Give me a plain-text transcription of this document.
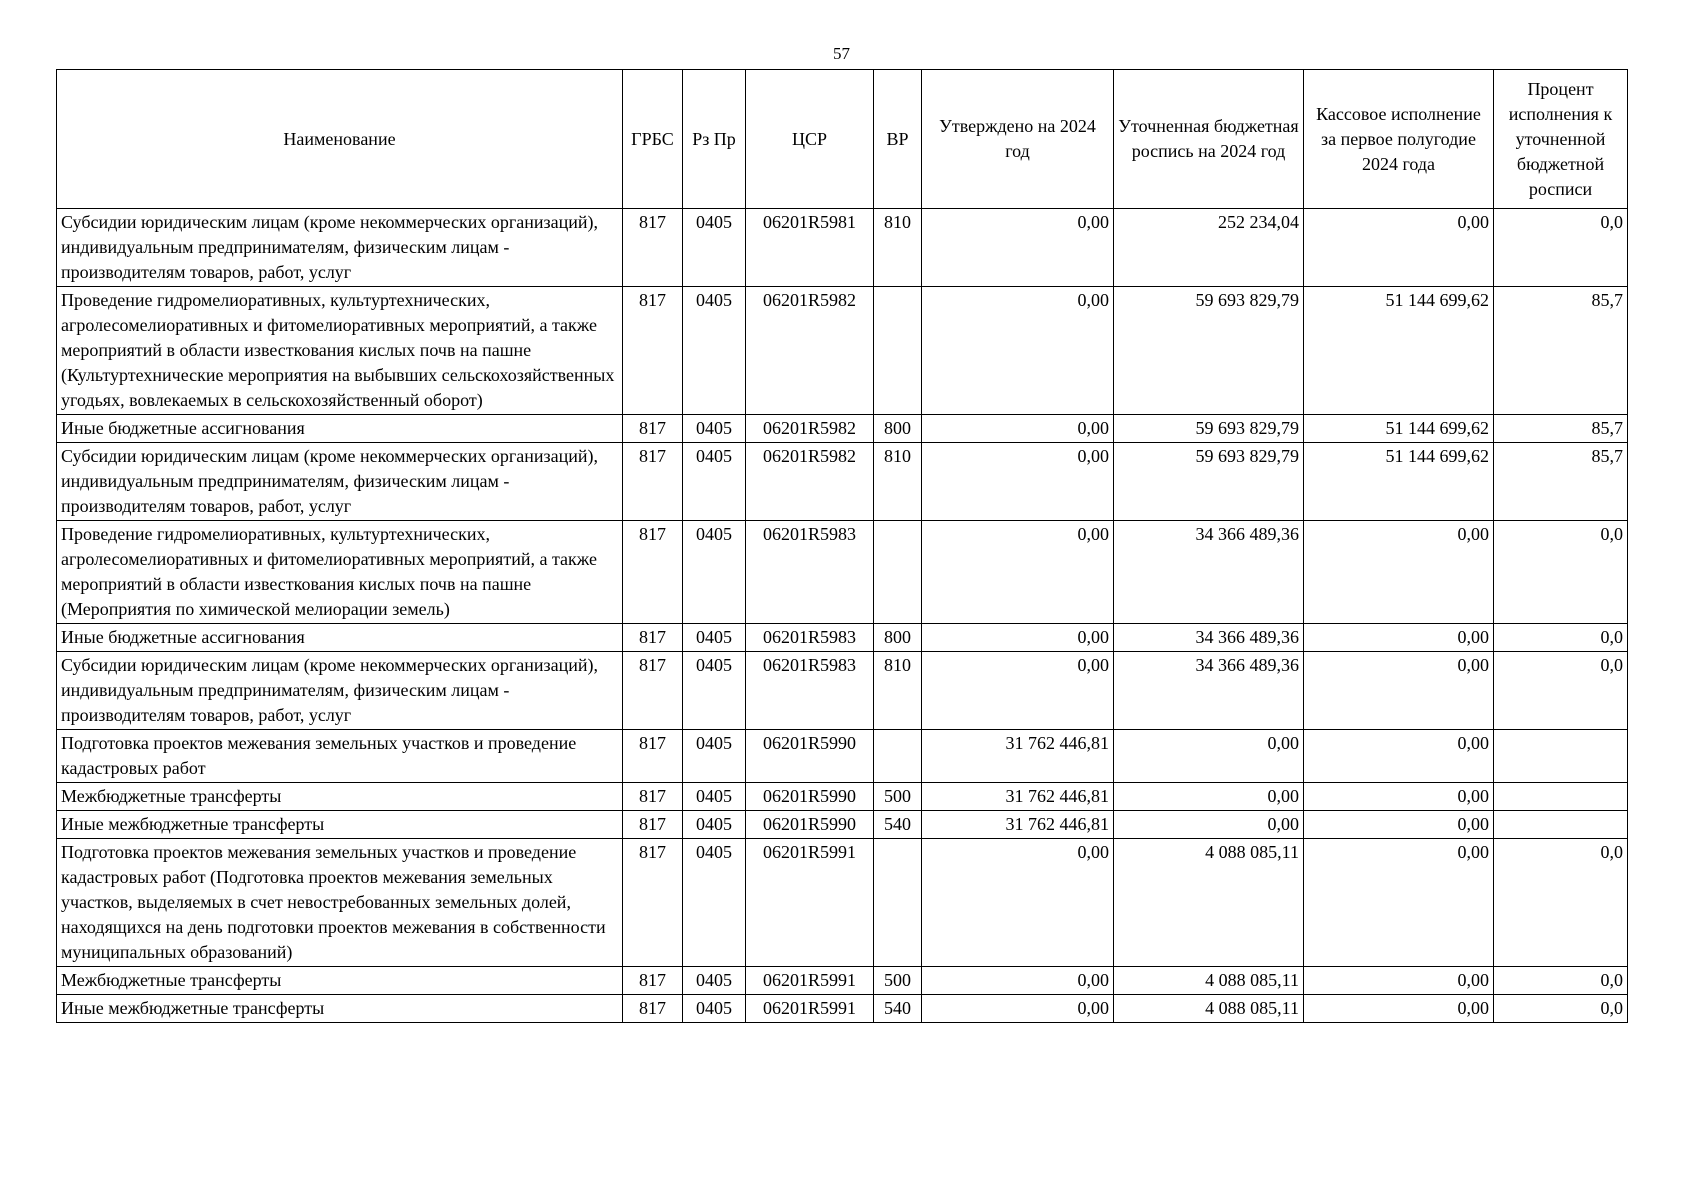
57
Наименование	ГРБС	Рз Пр	ЦСР	ВР	Утверждено на 2024 год	Уточненная бюджетная роспись на 2024 год	Кассовое исполнение за первое полугодие 2024 года	Процент исполнения к уточненной бюджетной росписи
Субсидии юридическим лицам (кроме некоммерческих организаций), индивидуальным предпринимателям, физическим лицам - производителям товаров, работ, услуг	817	0405	06201R5981	810	0,00	252 234,04	0,00	0,0
Проведение гидромелиоративных, культуртехнических, агролесомелиоративных и фитомелиоративных мероприятий, а также мероприятий в области известкования кислых почв на пашне (Культуртехнические мероприятия на выбывших сельскохозяйственных угодьях, вовлекаемых в сельскохозяйственный оборот)	817	0405	06201R5982		0,00	59 693 829,79	51 144 699,62	85,7
Иные бюджетные ассигнования	817	0405	06201R5982	800	0,00	59 693 829,79	51 144 699,62	85,7
Субсидии юридическим лицам (кроме некоммерческих организаций), индивидуальным предпринимателям, физическим лицам - производителям товаров, работ, услуг	817	0405	06201R5982	810	0,00	59 693 829,79	51 144 699,62	85,7
Проведение гидромелиоративных, культуртехнических, агролесомелиоративных и фитомелиоративных мероприятий, а также мероприятий в области известкования кислых почв на пашне (Мероприятия по химической мелиорации земель)	817	0405	06201R5983		0,00	34 366 489,36	0,00	0,0
Иные бюджетные ассигнования	817	0405	06201R5983	800	0,00	34 366 489,36	0,00	0,0
Субсидии юридическим лицам (кроме некоммерческих организаций), индивидуальным предпринимателям, физическим лицам - производителям товаров, работ, услуг	817	0405	06201R5983	810	0,00	34 366 489,36	0,00	0,0
Подготовка проектов межевания земельных участков и проведение кадастровых работ	817	0405	06201R5990		31 762 446,81	0,00	0,00	
Межбюджетные трансферты	817	0405	06201R5990	500	31 762 446,81	0,00	0,00	
Иные межбюджетные трансферты	817	0405	06201R5990	540	31 762 446,81	0,00	0,00	
Подготовка проектов межевания земельных участков и проведение кадастровых работ (Подготовка проектов межевания земельных участков, выделяемых в счет невостребованных земельных долей, находящихся на день подготовки проектов межевания в собственности муниципальных образований)	817	0405	06201R5991		0,00	4 088 085,11	0,00	0,0
Межбюджетные трансферты	817	0405	06201R5991	500	0,00	4 088 085,11	0,00	0,0
Иные межбюджетные трансферты	817	0405	06201R5991	540	0,00	4 088 085,11	0,00	0,0
